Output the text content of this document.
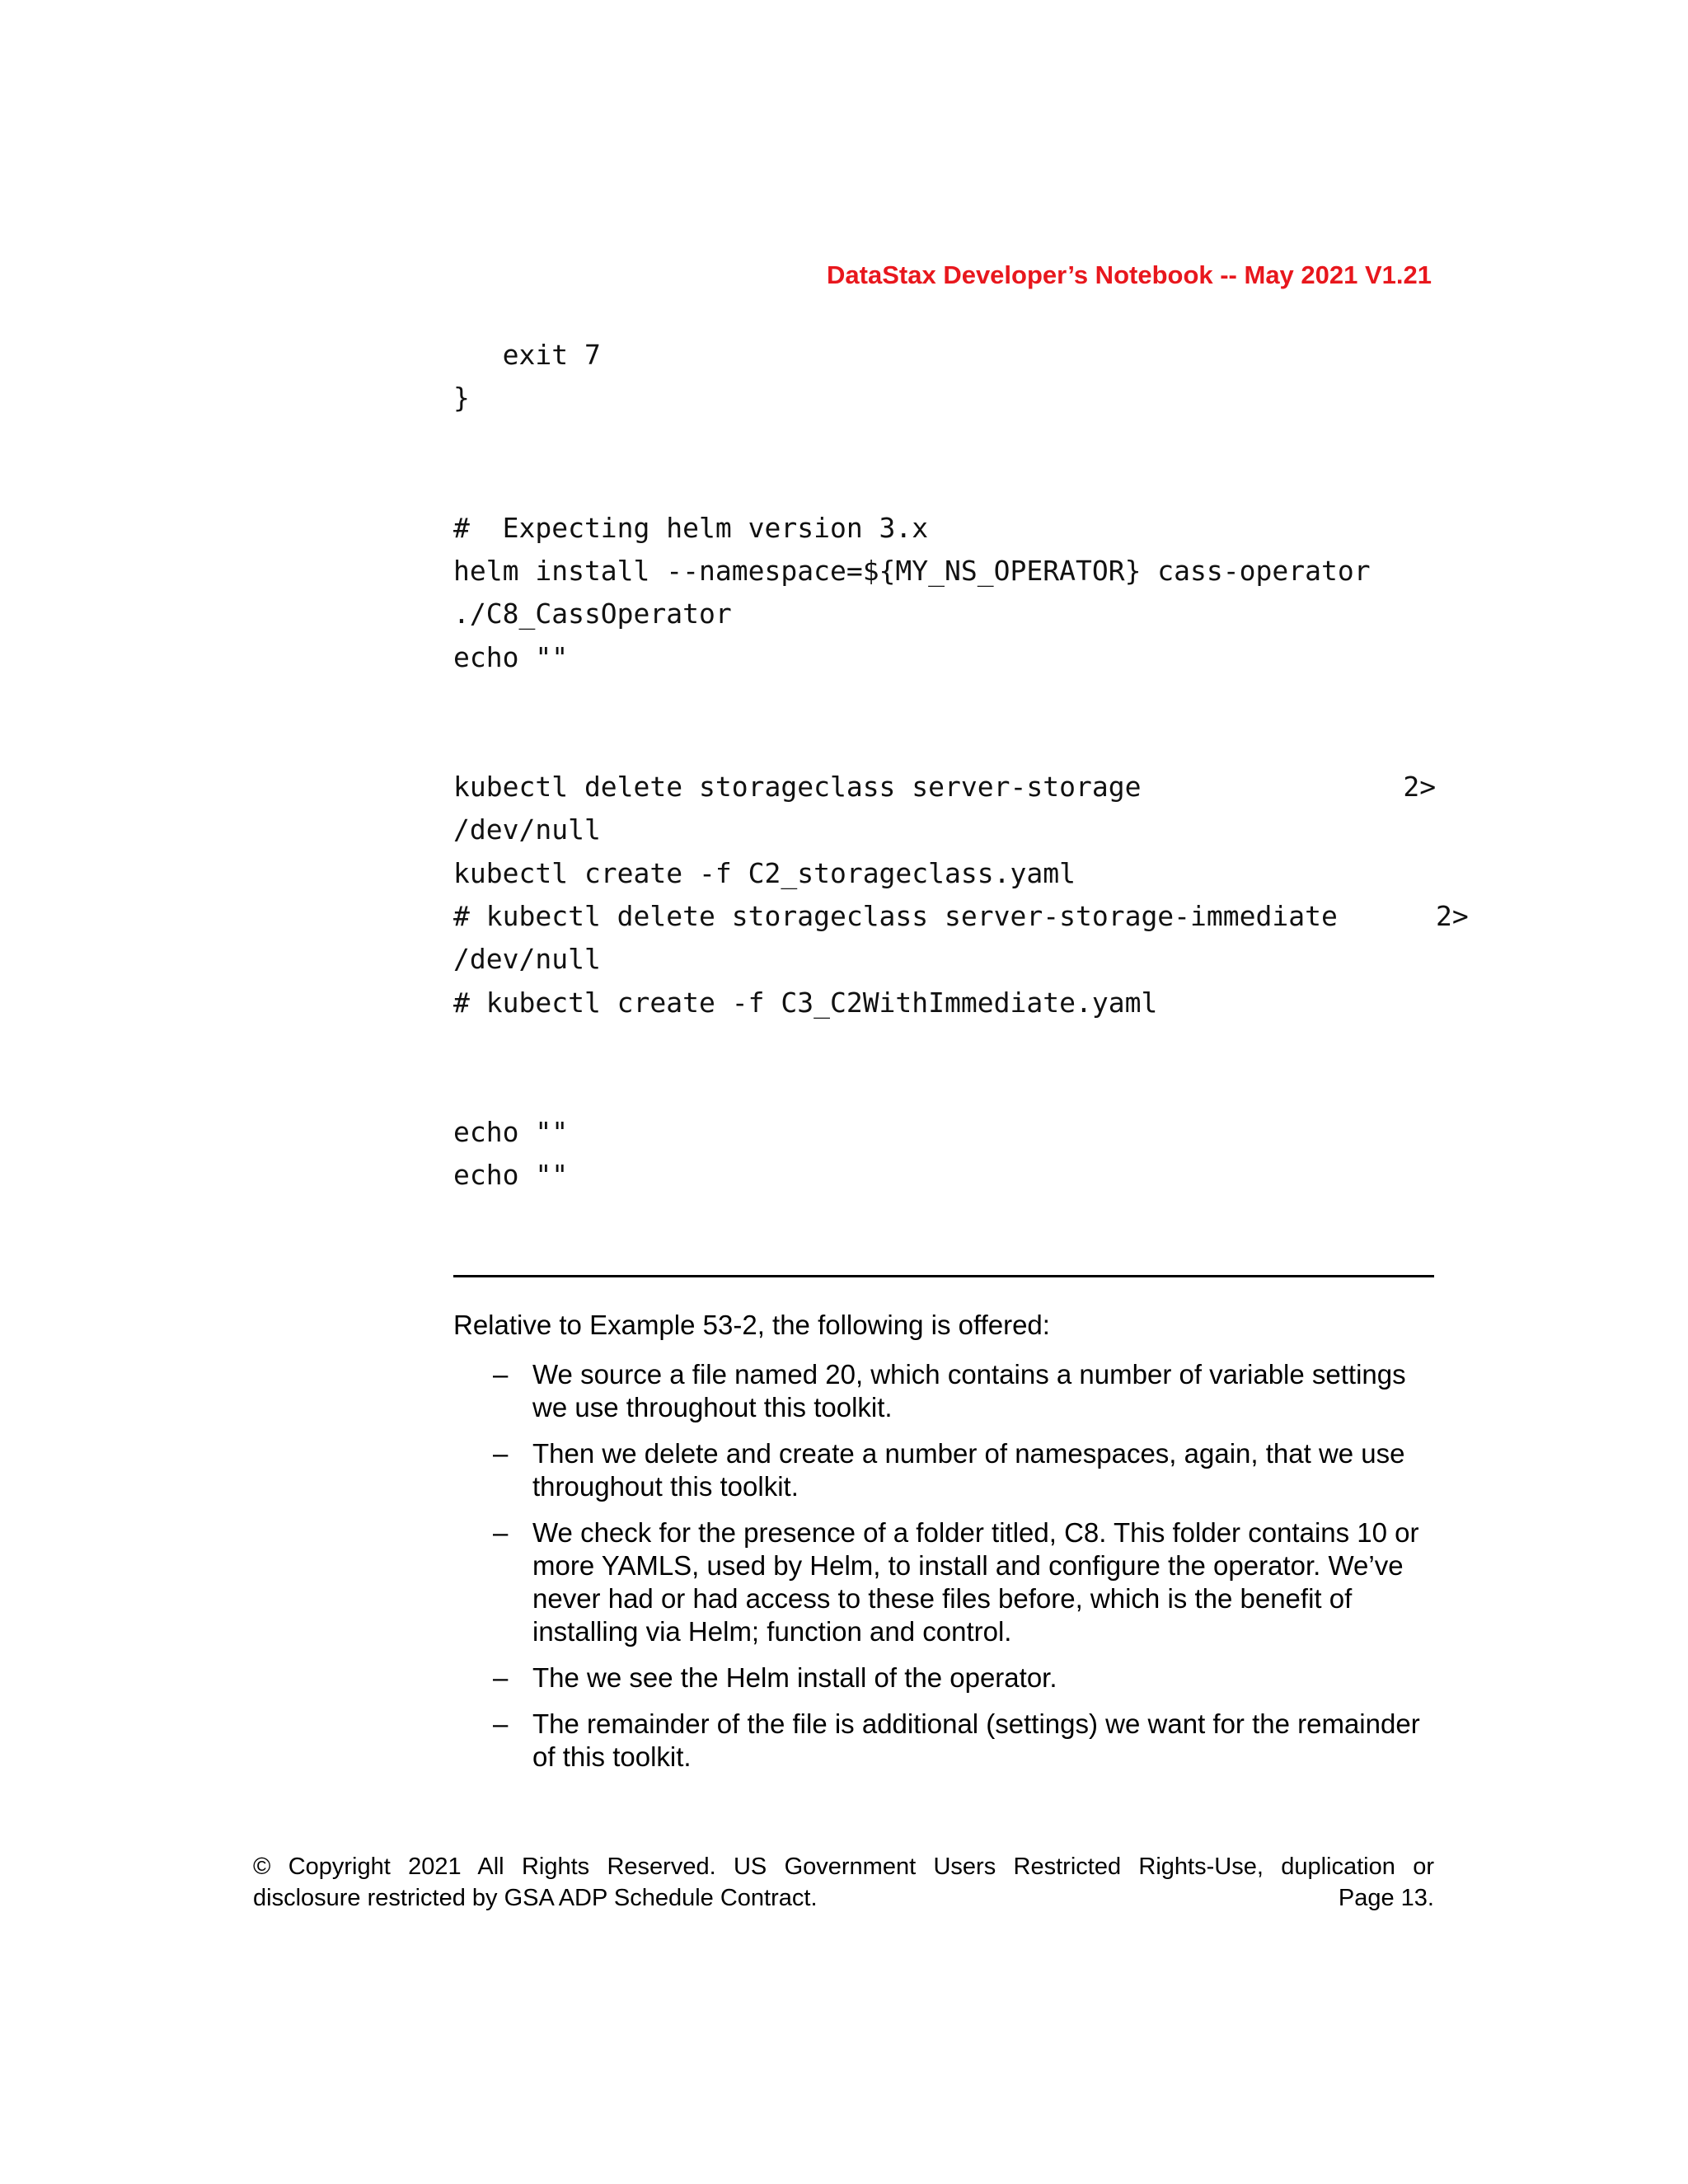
DataStax Developer’s Notebook -- May 2021 V1.21
exit 7
}
#  Expecting helm version 3.x
helm install --namespace=${MY_NS_OPERATOR} cass-operator
./C8_CassOperator
echo ""
kubectl delete storageclass server-storage                2>
/dev/null
kubectl create -f C2_storageclass.yaml
# kubectl delete storageclass server-storage-immediate      2>
/dev/null
# kubectl create -f C3_C2WithImmediate.yaml
echo ""
echo ""

Relative to Example 53-2, the following is offered:

– We source a file named 20, which contains a number of variable settings we use throughout this toolkit.
– Then we delete and create a number of namespaces, again, that we use throughout this toolkit.
– We check for the presence of a folder titled, C8. This folder contains 10 or more YAMLS, used by Helm, to install and configure the operator. We’ve never had or had access to these files before, which is the benefit of installing via Helm; function and control.
– The we see the Helm install of the operator.
– The remainder of the file is additional (settings) we want for the remainder of this toolkit.
© Copyright 2021 All Rights Reserved. US Government Users Restricted Rights-Use, duplication or
disclosure restricted by GSA ADP Schedule Contract.	Page 13.
